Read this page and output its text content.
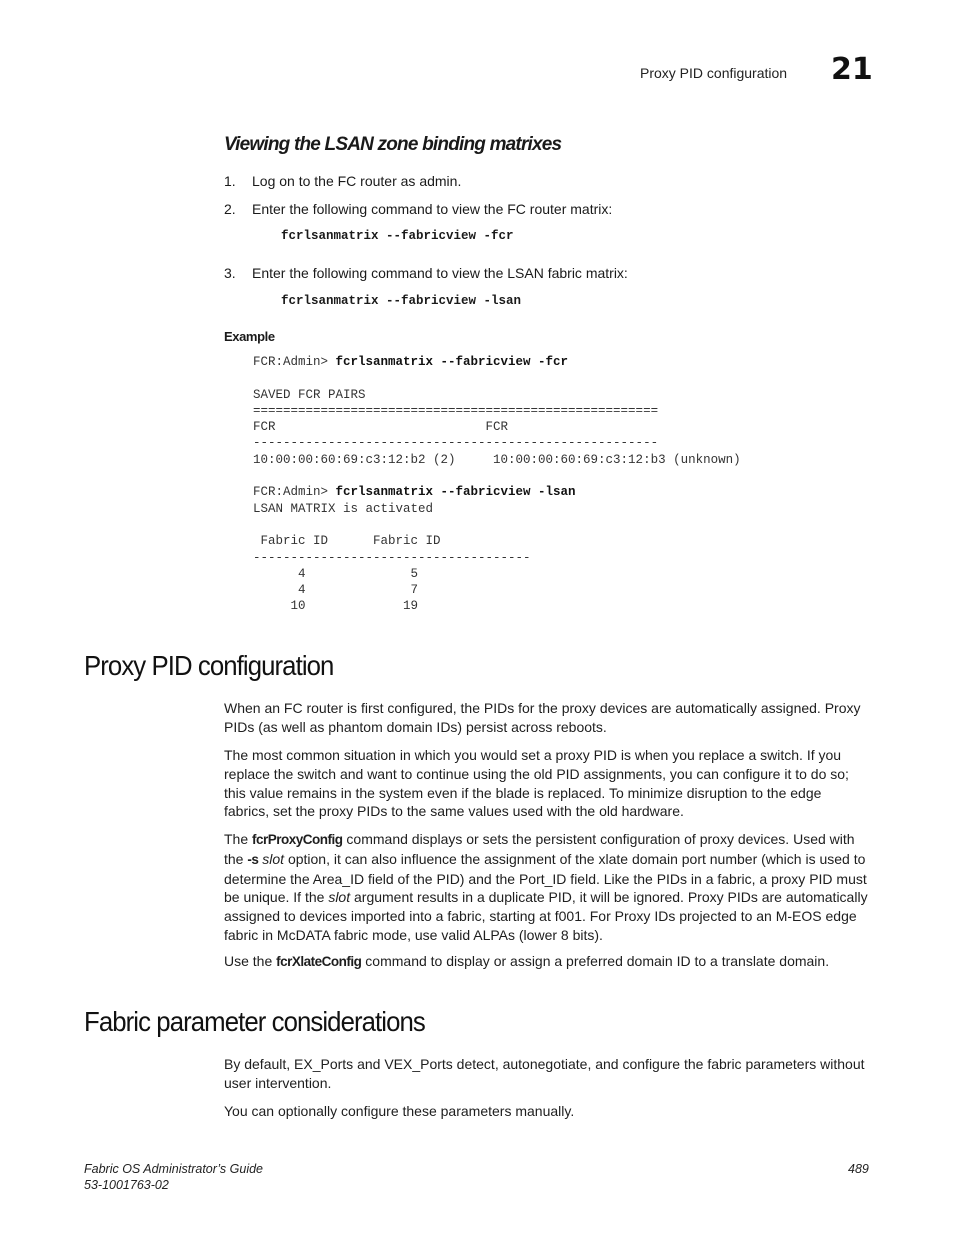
Proxy PID configuration 21
Viewing the LSAN zone binding matrixes
1. Log on to the FC router as admin.
2. Enter the following command to view the FC router matrix:
fcrlsanmatrix --fabricview -fcr
3. Enter the following command to view the LSAN fabric matrix:
fcrlsanmatrix --fabricview -lsan
Example
FCR:Admin> fcrlsanmatrix --fabricview -fcr

SAVED FCR PAIRS
======================================================
FCR                            FCR
------------------------------------------------------
10:00:00:60:69:c3:12:b2 (2)     10:00:00:60:69:c3:12:b3 (unknown)

FCR:Admin> fcrlsanmatrix --fabricview -lsan
LSAN MATRIX is activated

Fabric ID      Fabric ID
-------------------------------------
4              5
4              7
10             19
Proxy PID configuration
When an FC router is first configured, the PIDs for the proxy devices are automatically assigned. Proxy PIDs (as well as phantom domain IDs) persist across reboots.
The most common situation in which you would set a proxy PID is when you replace a switch. If you replace the switch and want to continue using the old PID assignments, you can configure it to do so; this value remains in the system even if the blade is replaced. To minimize disruption to the edge fabrics, set the proxy PIDs to the same values used with the old hardware.
The fcrProxyConfig command displays or sets the persistent configuration of proxy devices. Used with the -s slot option, it can also influence the assignment of the xlate domain port number (which is used to determine the Area_ID field of the PID) and the Port_ID field. Like the PIDs in a fabric, a proxy PID must be unique. If the slot argument results in a duplicate PID, it will be ignored. Proxy PIDs are automatically assigned to devices imported into a fabric, starting at f001. For Proxy IDs projected to an M-EOS edge fabric in McDATA fabric mode, use valid ALPAs (lower 8 bits).
Use the fcrXlateConfig command to display or assign a preferred domain ID to a translate domain.
Fabric parameter considerations
By default, EX_Ports and VEX_Ports detect, autonegotiate, and configure the fabric parameters without user intervention.
You can optionally configure these parameters manually.
Fabric OS Administrator’s Guide
53-1001763-02
489
